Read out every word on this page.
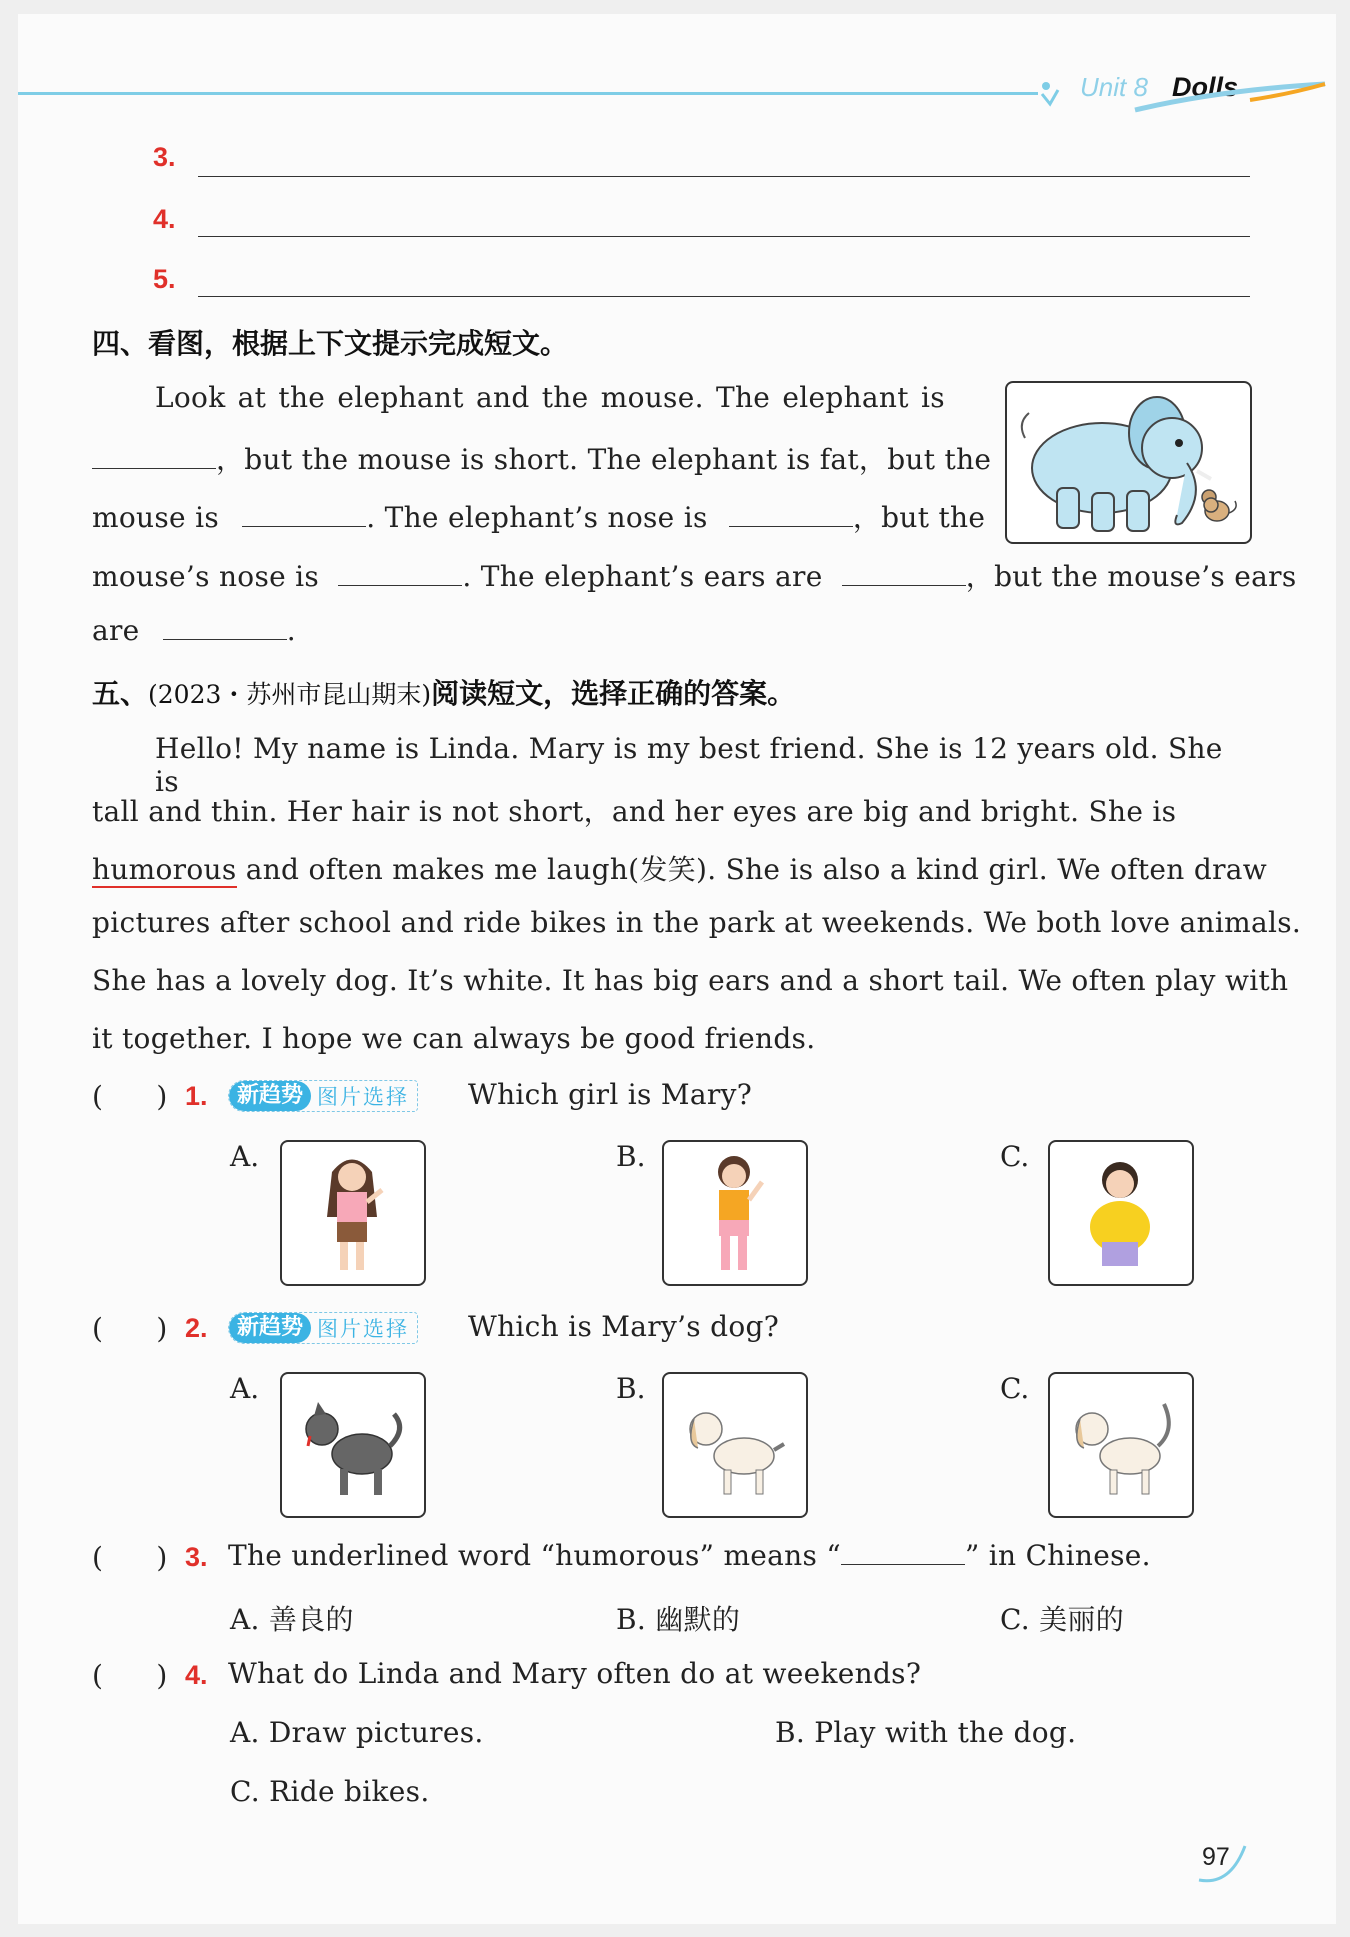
Unit 8 Dolls
3.
4.
5.
四、看图，根据上下文提示完成短文。
Look at the elephant and the mouse. The elephant is
，but the mouse is short. The elephant is fat，but the
mouse is	. The elephant’s nose is	，but the
mouse’s nose is	. The elephant’s ears are	，but the mouse’s ears
are	.
五、(2023・苏州市昆山期末)阅读短文，选择正确的答案。
Hello! My name is Linda. Mary is my best friend. She is 12 years old. She is
tall and thin. Her hair is not short，and her eyes are big and bright. She is
humorous and often makes me laugh(发笑). She is also a kind girl. We often draw
pictures after school and ride bikes in the park at weekends. We both love animals.
She has a lovely dog. It’s white. It has big ears and a short tail. We often play with
it together. I hope we can always be good friends.
(      ) 1.	新趋势 图片选择 Which girl is Mary?
A.	B.	C.
(      ) 2.	新趋势 图片选择 Which is Mary’s dog?
A.	B.	C.
(      ) 3. The underlined word “humorous” means “	” in Chinese.
A. 善良的	B. 幽默的	C. 美丽的
(      ) 4. What do Linda and Mary often do at weekends?
A. Draw pictures.	B. Play with the dog.
C. Ride bikes.
97
